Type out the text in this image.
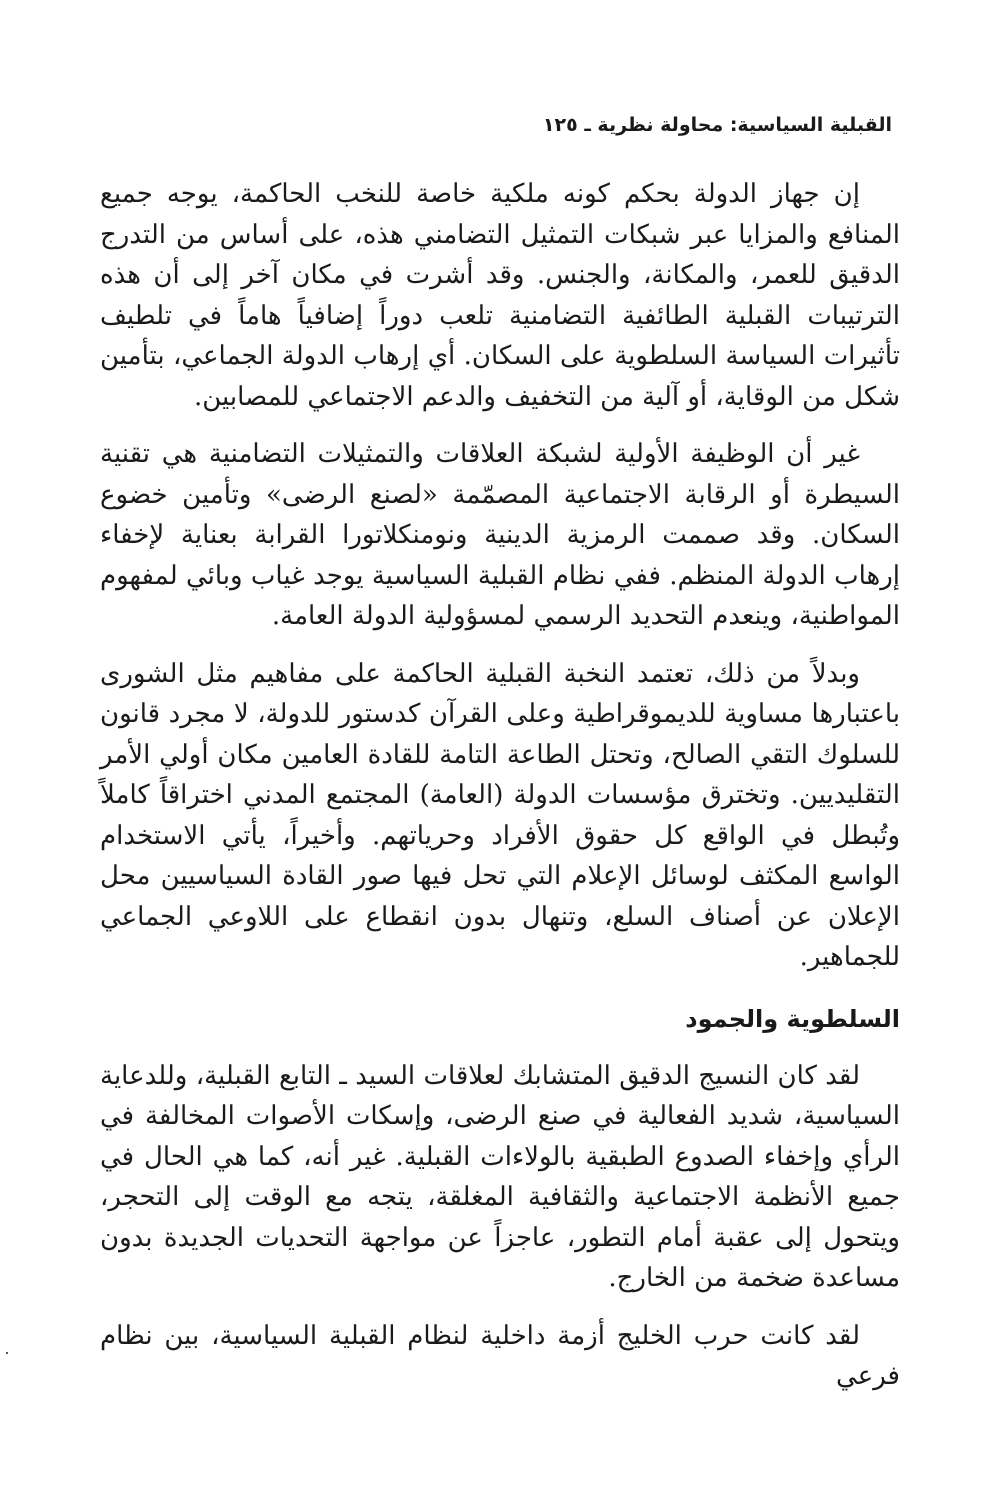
القبلية السياسية: محاولة نظرية ـ ١٢٥

إن جهاز الدولة بحكم كونه ملكية خاصة للنخب الحاكمة، يوجه جميع المنافع والمزايا عبر شبكات التمثيل التضامني هذه، على أساس من التدرج الدقيق للعمر، والمكانة، والجنس. وقد أشرت في مكان آخر إلى أن هذه الترتيبات القبلية الطائفية التضامنية تلعب دوراً إضافياً هاماً في تلطيف تأثيرات السياسة السلطوية على السكان. أي إرهاب الدولة الجماعي، بتأمين شكل من الوقاية، أو آلية من التخفيف والدعم الاجتماعي للمصابين.

غير أن الوظيفة الأولية لشبكة العلاقات والتمثيلات التضامنية هي تقنية السيطرة أو الرقابة الاجتماعية المصمّمة «لصنع الرضى» وتأمين خضوع السكان. وقد صممت الرمزية الدينية ونومنكلاتورا القرابة بعناية لإخفاء إرهاب الدولة المنظم. ففي نظام القبلية السياسية يوجد غياب وبائي لمفهوم المواطنية، وينعدم التحديد الرسمي لمسؤولية الدولة العامة.

وبدلاً من ذلك، تعتمد النخبة القبلية الحاكمة على مفاهيم مثل الشورى باعتبارها مساوية للديموقراطية وعلى القرآن كدستور للدولة، لا مجرد قانون للسلوك التقي الصالح، وتحتل الطاعة التامة للقادة العامين مكان أولي الأمر التقليديين. وتخترق مؤسسات الدولة (العامة) المجتمع المدني اختراقاً كاملاً وتُبطل في الواقع كل حقوق الأفراد وحرياتهم. وأخيراً، يأتي الاستخدام الواسع المكثف لوسائل الإعلام التي تحل فيها صور القادة السياسيين محل الإعلان عن أصناف السلع، وتنهال بدون انقطاع على اللاوعي الجماعي للجماهير.

السلطوية والجمود

لقد كان النسيج الدقيق المتشابك لعلاقات السيد ـ التابع القبلية، وللدعاية السياسية، شديد الفعالية في صنع الرضى، وإسكات الأصوات المخالفة في الرأي وإخفاء الصدوع الطبقية بالولاءات القبلية. غير أنه، كما هي الحال في جميع الأنظمة الاجتماعية والثقافية المغلقة، يتجه مع الوقت إلى التحجر، ويتحول إلى عقبة أمام التطور، عاجزاً عن مواجهة التحديات الجديدة بدون مساعدة ضخمة من الخارج.

لقد كانت حرب الخليج أزمة داخلية لنظام القبلية السياسية، بين نظام فرعي
